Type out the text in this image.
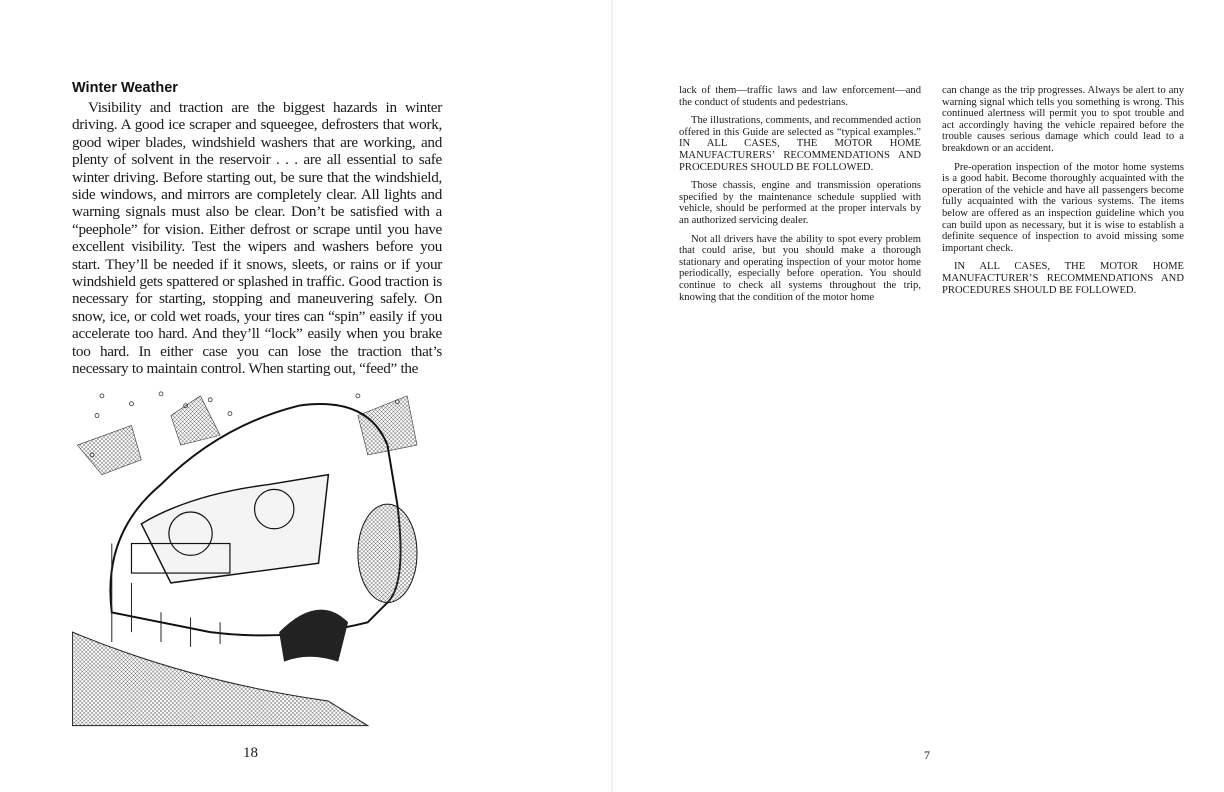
Winter Weather

Visibility and traction are the biggest hazards in winter driving. A good ice scraper and squeegee, defrosters that work, good wiper blades, windshield washers that are working, and plenty of solvent in the reservoir . . . are all essential to safe winter driving. Before starting out, be sure that the windshield, side windows, and mirrors are completely clear. All lights and warning signals must also be clear. Don’t be satisfied with a “peephole” for vision. Either defrost or scrape until you have excellent visibility. Test the wipers and washers before you start. They’ll be needed if it snows, sleets, or rains or if your windshield gets spattered or splashed in traffic. Good traction is necessary for starting, stopping and maneuvering safely. On snow, ice, or cold wet roads, your tires can “spin” easily if you accelerate too hard. And they’ll “lock” easily when you brake too hard. In either case you can lose the traction that’s necessary to maintain control. When starting out, “feed” the

18

lack of them—traffic laws and law enforcement—and the conduct of students and pedestrians.

The illustrations, comments, and recommended action offered in this Guide are selected as “typical examples.” IN ALL CASES, THE MOTOR HOME MANUFACTURERS’ RECOMMENDATIONS AND PROCEDURES SHOULD BE FOLLOWED.

Those chassis, engine and transmission operations specified by the maintenance schedule supplied with vehicle, should be performed at the proper intervals by an authorized servicing dealer.

Not all drivers have the ability to spot every problem that could arise, but you should make a thorough stationary and operating inspection of your motor home periodically, especially before operation. You should continue to check all systems throughout the trip, knowing that the condition of the motor home

can change as the trip progresses. Always be alert to any warning signal which tells you something is wrong. This continued alertness will permit you to spot trouble and act accordingly having the vehicle repaired before the trouble causes serious damage which could lead to a breakdown or an accident.

Pre-operation inspection of the motor home systems is a good habit. Become thoroughly acquainted with the operation of the vehicle and have all passengers become fully acquainted with the various systems. The items below are offered as an inspection guideline which you can build upon as necessary, but it is wise to establish a definite sequence of inspection to avoid missing some important check.

IN ALL CASES, THE MOTOR HOME MANUFACTURER’S RECOMMENDATIONS AND PROCEDURES SHOULD BE FOLLOWED.

7
